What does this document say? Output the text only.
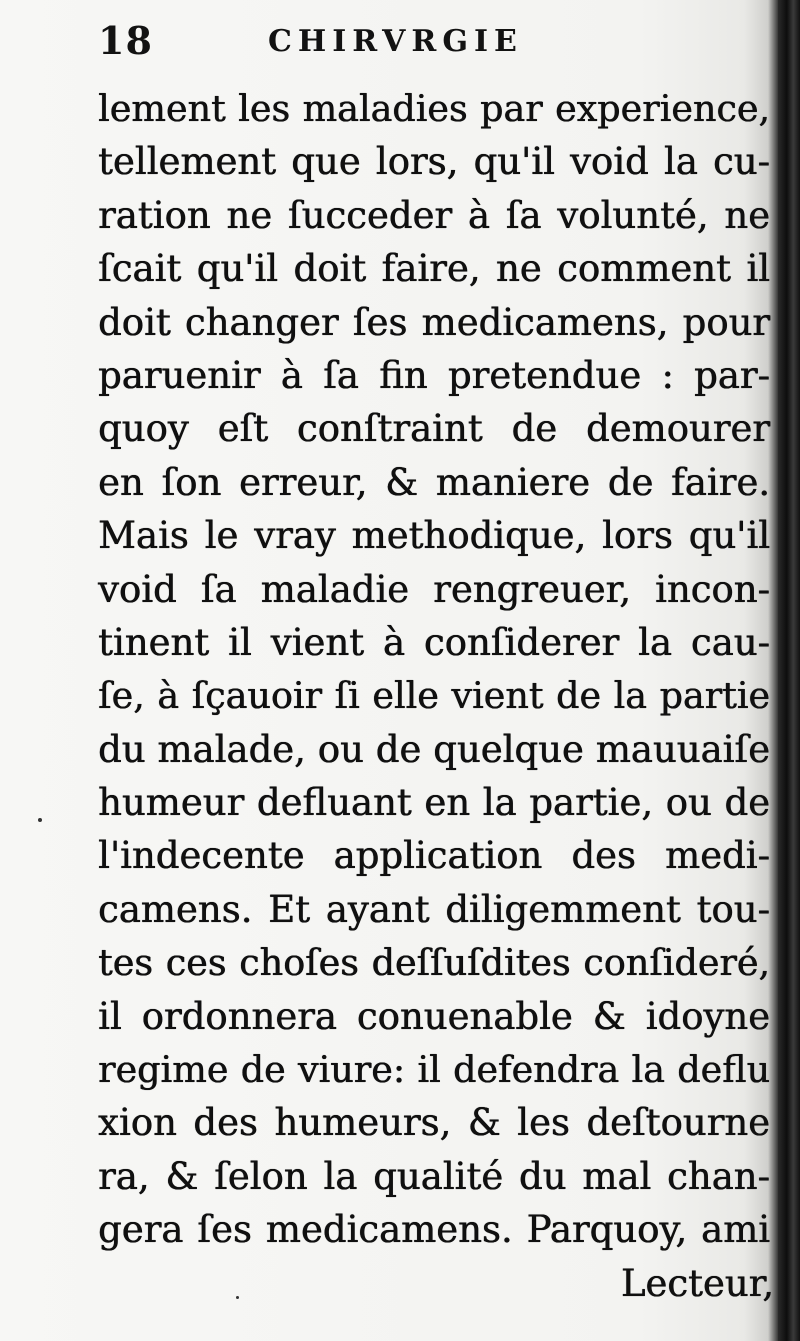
18	CHIRVRGIE
lement les maladies par experience,
tellement que lors, qu'il void la cu-
ration ne ſucceder à ſa volunté, ne
ſcait qu'il doit faire, ne comment il
doit changer ſes medicamens, pour
paruenir à ſa fin pretendue : par-
quoy eſt conſtraint de demourer
en ſon erreur, & maniere de faire.
Mais le vray methodique, lors qu'il
void ſa maladie rengreuer, incon-
tinent il vient à conſiderer la cau-
ſe, à ſçauoir ſi elle vient de la partie
du malade, ou de quelque mauuaiſe
humeur defluant en la partie, ou de
l'indecente application des medi-
camens. Et ayant diligemment tou-
tes ces choſes deſſuſdites conſideré,
il ordonnera conuenable & idoyne
regime de viure: il defendra la deflu
xion des humeurs, & les deſtourne
ra, & ſelon la qualité du mal chan-
gera ſes medicamens. Parquoy, ami
Lecteur,
